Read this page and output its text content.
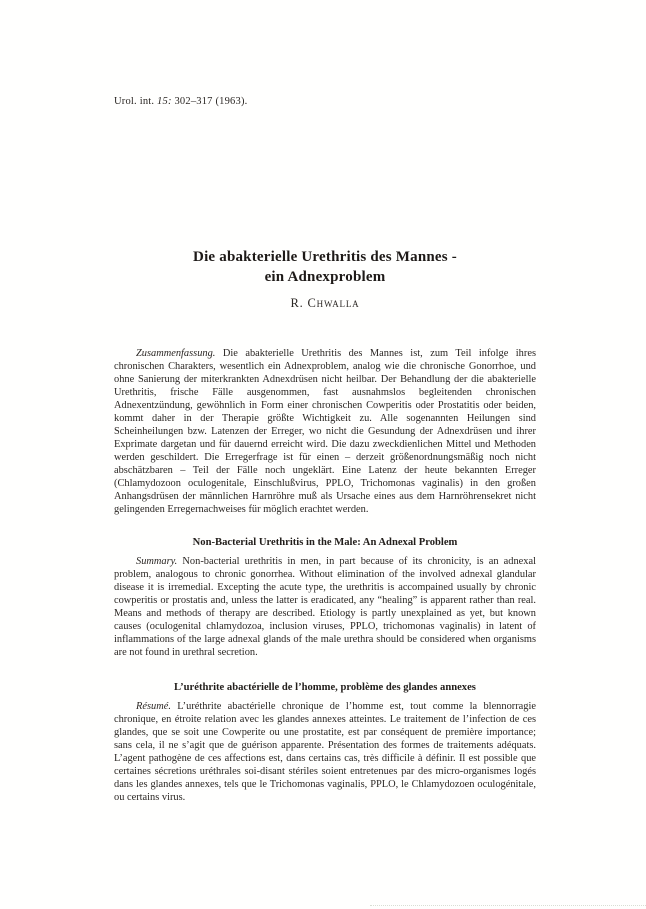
Urol. int. 15: 302–317 (1963).
Die abakterielle Urethritis des Mannes -
ein Adnexproblem
R. Chwalla

Zusammenfassung. Die abakterielle Urethritis des Mannes ist, zum Teil infolge ihres chronischen Charakters, wesentlich ein Adnexproblem, analog wie die chronische Gonorrhoe, und ohne Sanierung der miterkrankten Adnexdrüsen nicht heilbar. Der Behandlung der die abakterielle Urethritis, frische Fälle ausgenommen, fast ausnahmslos begleitenden chronischen Adnexentzündung, gewöhnlich in Form einer chronischen Cowperitis oder Prostatitis oder beiden, kommt daher in der Therapie größte Wichtigkeit zu. Alle sogenannten Heilungen sind Scheinheilungen bzw. Latenzen der Erreger, wo nicht die Gesundung der Adnexdrüsen und ihrer Exprimate dargetan und für dauernd erreicht wird. Die dazu zweckdienlichen Mittel und Methoden werden geschildert. Die Erregerfrage ist für einen – derzeit größenordnungsmäßig noch nicht abschätzbaren – Teil der Fälle noch ungeklärt. Eine Latenz der heute bekannten Erreger (Chlamydozoon oculogenitale, Einschlußvirus, PPLO, Trichomonas vaginalis) in den großen Anhangsdrüsen der männlichen Harnröhre muß als Ursache eines aus dem Harnröhrensekret nicht gelingenden Erregernachweises für möglich erachtet werden.

Non-Bacterial Urethritis in the Male: An Adnexal Problem

Summary. Non-bacterial urethritis in men, in part because of its chronicity, is an adnexal problem, analogous to chronic gonorrhea. Without elimination of the involved adnexal glandular disease it is irremedial. Excepting the acute type, the urethritis is accompained usually by chronic cowperitis or prostatis and, unless the latter is eradicated, any “healing” is apparent rather than real. Means and methods of therapy are described. Etiology is partly unexplained as yet, but known causes (oculogenital chlamydozoa, inclusion viruses, PPLO, trichomonas vaginalis) in latent of inflammations of the large adnexal glands of the male urethra should be considered when organisms are not found in urethral secretion.

L’uréthrite abactérielle de l’homme, problème des glandes annexes

Résumé. L’uréthrite abactérielle chronique de l’homme est, tout comme la blennorragie chronique, en étroite relation avec les glandes annexes atteintes. Le traitement de l’infection de ces glandes, que se soit une Cowperite ou une prostatite, est par conséquent de première importance; sans cela, il ne s’agit que de guérison apparente. Présentation des formes de traitements adéquats. L’agent pathogène de ces affections est, dans certains cas, très difficile à définir. Il est possible que certaines sécretions uréthrales soi-disant stériles soient entretenues par des micro-organismes logés dans les glandes annexes, tels que le Trichomonas vaginalis, PPLO, le Chlamydozoen oculogénitale, ou certains virus.
